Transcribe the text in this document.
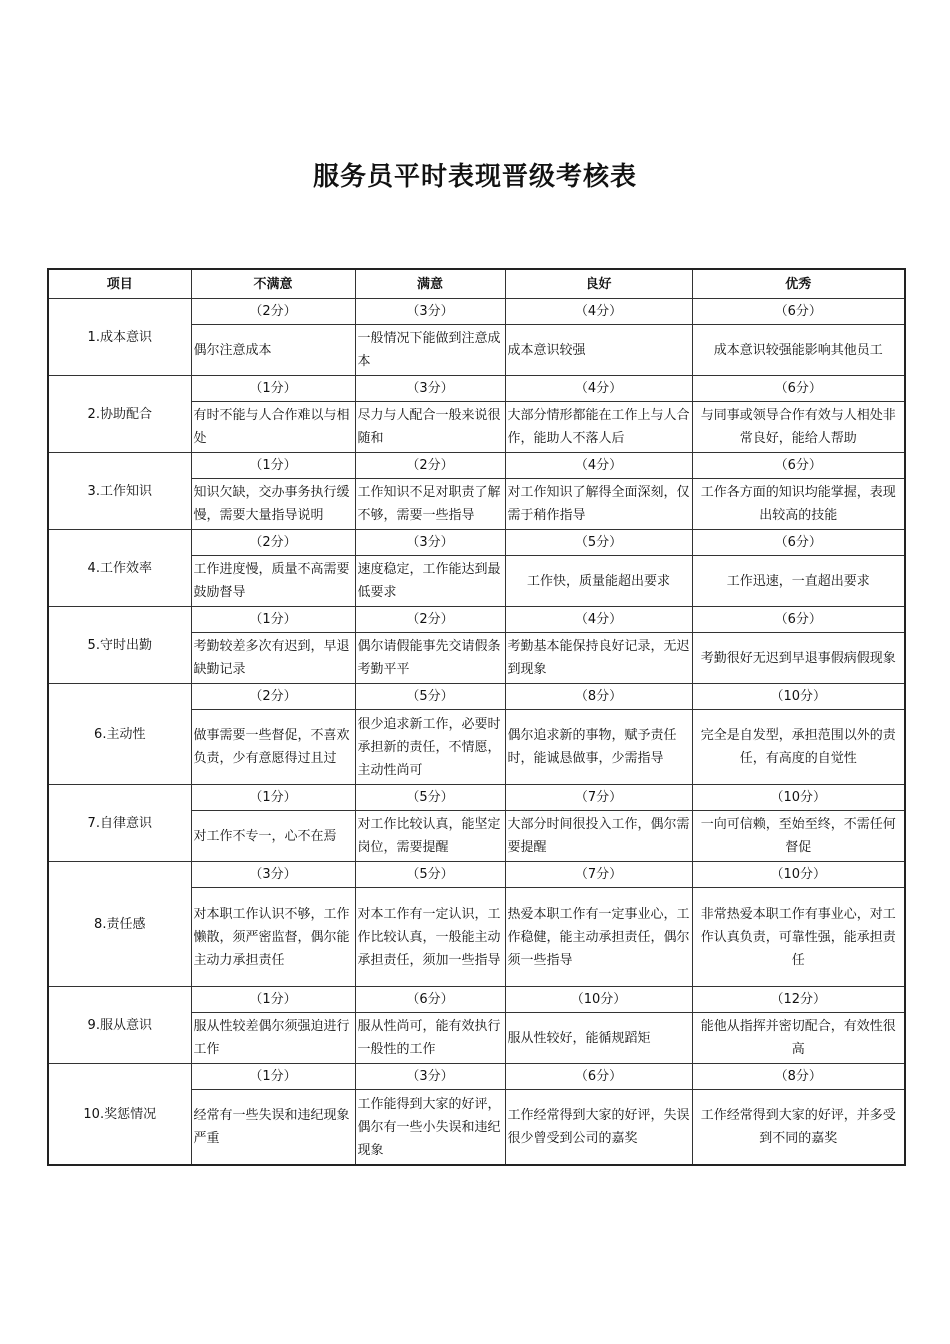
服务员平时表现晋级考核表
项目	不满意	满意	良好	优秀
1.成本意识	（2分）	（3分）	（4分）	（6分）
	偶尔注意成本	一般情况下能做到注意成本	成本意识较强	成本意识较强能影响其他员工
2.协助配合	（1分）	（3分）	（4分）	（6分）
	有时不能与人合作难以与相处	尽力与人配合一般来说很随和	大部分情形都能在工作上与人合作，能助人不落人后	与同事或领导合作有效与人相处非常良好，能给人帮助
3.工作知识	（1分）	（2分）	（4分）	（6分）
	知识欠缺，交办事务执行缓慢，需要大量指导说明	工作知识不足对职责了解不够，需要一些指导	对工作知识了解得全面深刻，仅需于稍作指导	工作各方面的知识均能掌握，表现出较高的技能
4.工作效率	（2分）	（3分）	（5分）	（6分）
	工作进度慢，质量不高需要鼓励督导	速度稳定，工作能达到最低要求	工作快，质量能超出要求	工作迅速，一直超出要求
5.守时出勤	（1分）	（2分）	（4分）	（6分）
	考勤较差多次有迟到，早退缺勤记录	偶尔请假能事先交请假条考勤平平	考勤基本能保持良好记录，无迟到现象	考勤很好无迟到早退事假病假现象
6.主动性	（2分）	（5分）	（8分）	（10分）
	做事需要一些督促，不喜欢负责，少有意愿得过且过	很少追求新工作，必要时承担新的责任，不情愿，主动性尚可	偶尔追求新的事物，赋予责任时，能诚恳做事，少需指导	完全是自发型，承担范围以外的责任，有高度的自觉性
7.自律意识	（1分）	（5分）	（7分）	（10分）
	对工作不专一，心不在焉	对工作比较认真，能坚定岗位，需要提醒	大部分时间很投入工作，偶尔需要提醒	一向可信赖，至始至终，不需任何督促
8.责任感	（3分）	（5分）	（7分）	（10分）
	对本职工作认识不够，工作懒散，须严密监督，偶尔能主动力承担责任	对本工作有一定认识，工作比较认真，一般能主动承担责任，须加一些指导	热爱本职工作有一定事业心，工作稳健，能主动承担责任，偶尔须一些指导	非常热爱本职工作有事业心，对工作认真负责，可靠性强，能承担责任
9.服从意识	（1分）	（6分）	（10分）	（12分）
	服从性较差偶尔须强迫进行工作	服从性尚可，能有效执行一般性的工作	服从性较好，能循规蹈矩	能他从指挥并密切配合，有效性很高
10.奖惩情况	（1分）	（3分）	（6分）	（8分）
	经常有一些失误和违纪现象严重	工作能得到大家的好评，偶尔有一些小失误和违纪现象	工作经常得到大家的好评，失误很少曾受到公司的嘉奖	工作经常得到大家的好评，并多受到不同的嘉奖
